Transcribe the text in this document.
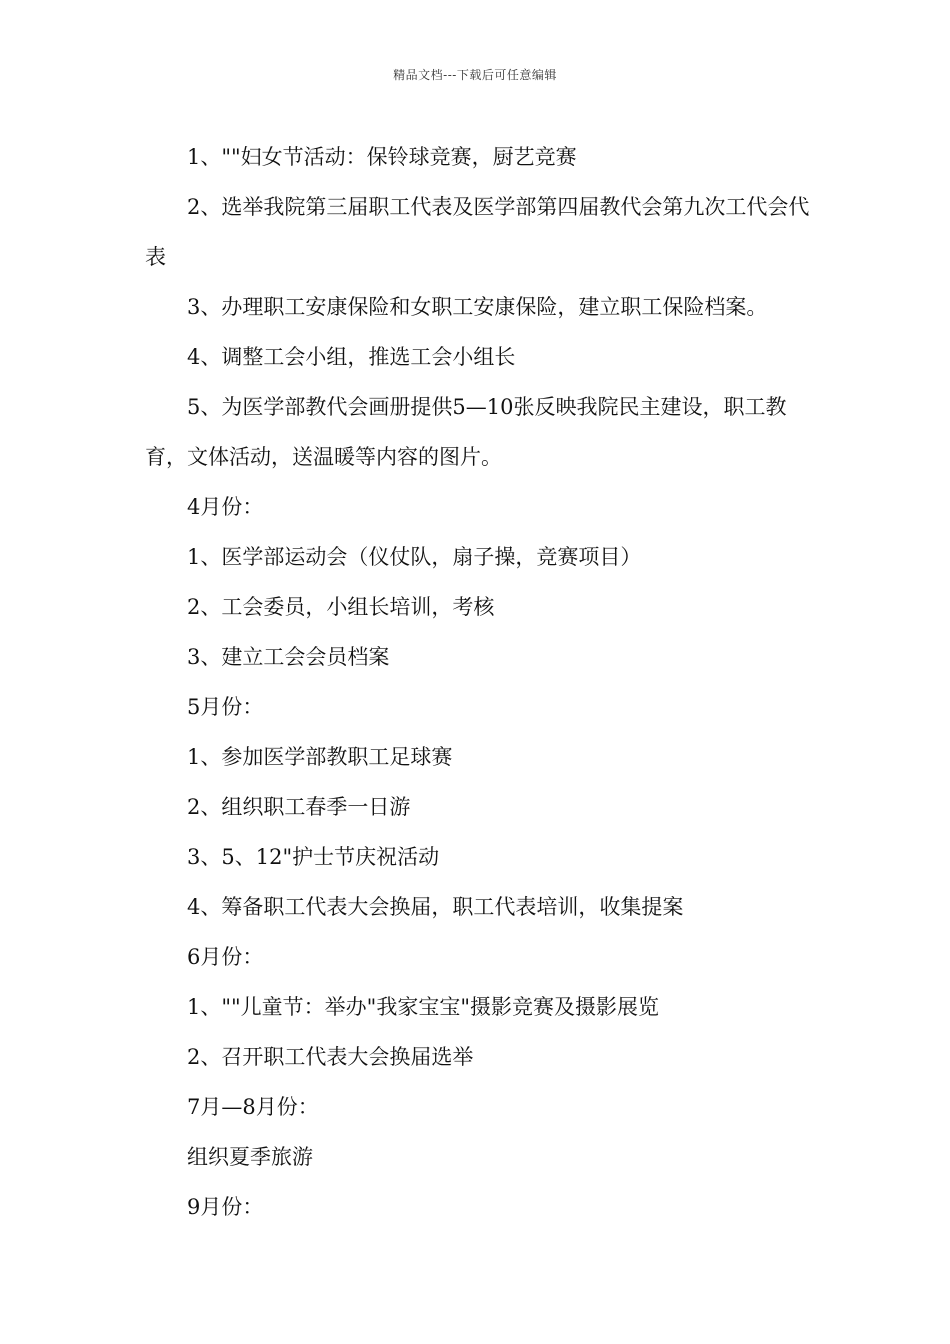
精品文档---下载后可任意编辑

1、""妇女节活动：保铃球竞赛，厨艺竞赛

2、选举我院第三届职工代表及医学部第四届教代会第九次工代会代表

3、办理职工安康保险和女职工安康保险，建立职工保险档案。

4、调整工会小组，推选工会小组长

5、为医学部教代会画册提供5—10张反映我院民主建设，职工教育，文体活动，送温暖等内容的图片。

4月份：

1、医学部运动会（仪仗队，扇子操，竞赛项目）

2、工会委员，小组长培训，考核

3、建立工会会员档案

5月份：

1、参加医学部教职工足球赛

2、组织职工春季一日游

3、5、12"护士节庆祝活动

4、筹备职工代表大会换届，职工代表培训，收集提案

6月份：

1、""儿童节：举办"我家宝宝"摄影竞赛及摄影展览

2、召开职工代表大会换届选举

7月—8月份：

组织夏季旅游

9月份：
